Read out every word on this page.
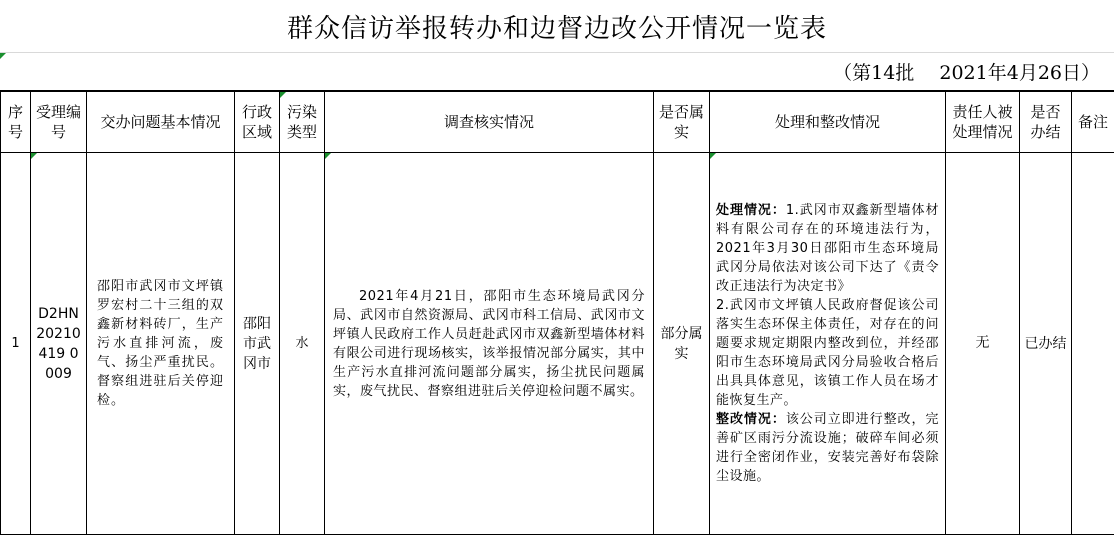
群众信访举报转办和边督边改公开情况一览表
（第14批　 2021年4月26日）
序号	受理编号	交办问题基本情况	行政区域	污染类型	调查核实情况	是否属实	处理和整改情况	责任人被处理情况	是否办结	备注
1	D2HN20210419 0009	邵阳市武冈市文坪镇罗宏村二十三组的双鑫新材料砖厂，生产污水直排河流，废气、扬尘严重扰民。督察组进驻后关停迎检。	邵阳市武冈市	水	2021年4月21日，邵阳市生态环境局武冈分局、武冈市自然资源局、武冈市科工信局、武冈市文坪镇人民政府工作人员赶赴武冈市双鑫新型墙体材料有限公司进行现场核实，该举报情况部分属实，其中生产污水直排河流问题部分属实，扬尘扰民问题属实，废气扰民、督察组进驻后关停迎检问题不属实。	部分属实	处理情况：1.武冈市双鑫新型墙体材料有限公司存在的环境违法行为，2021年3月30日邵阳市生态环境局武冈分局依法对该公司下达了《责令改正违法行为决定书》
2.武冈市文坪镇人民政府督促该公司落实生态环保主体责任，对存在的问题要求规定期限内整改到位，并经邵阳市生态环境局武冈分局验收合格后出具具体意见，该镇工作人员在场才能恢复生产。
整改情况：该公司立即进行整改，完善矿区雨污分流设施；破碎车间必须进行全密闭作业，安装完善好布袋除尘设施。	无	已办结	
